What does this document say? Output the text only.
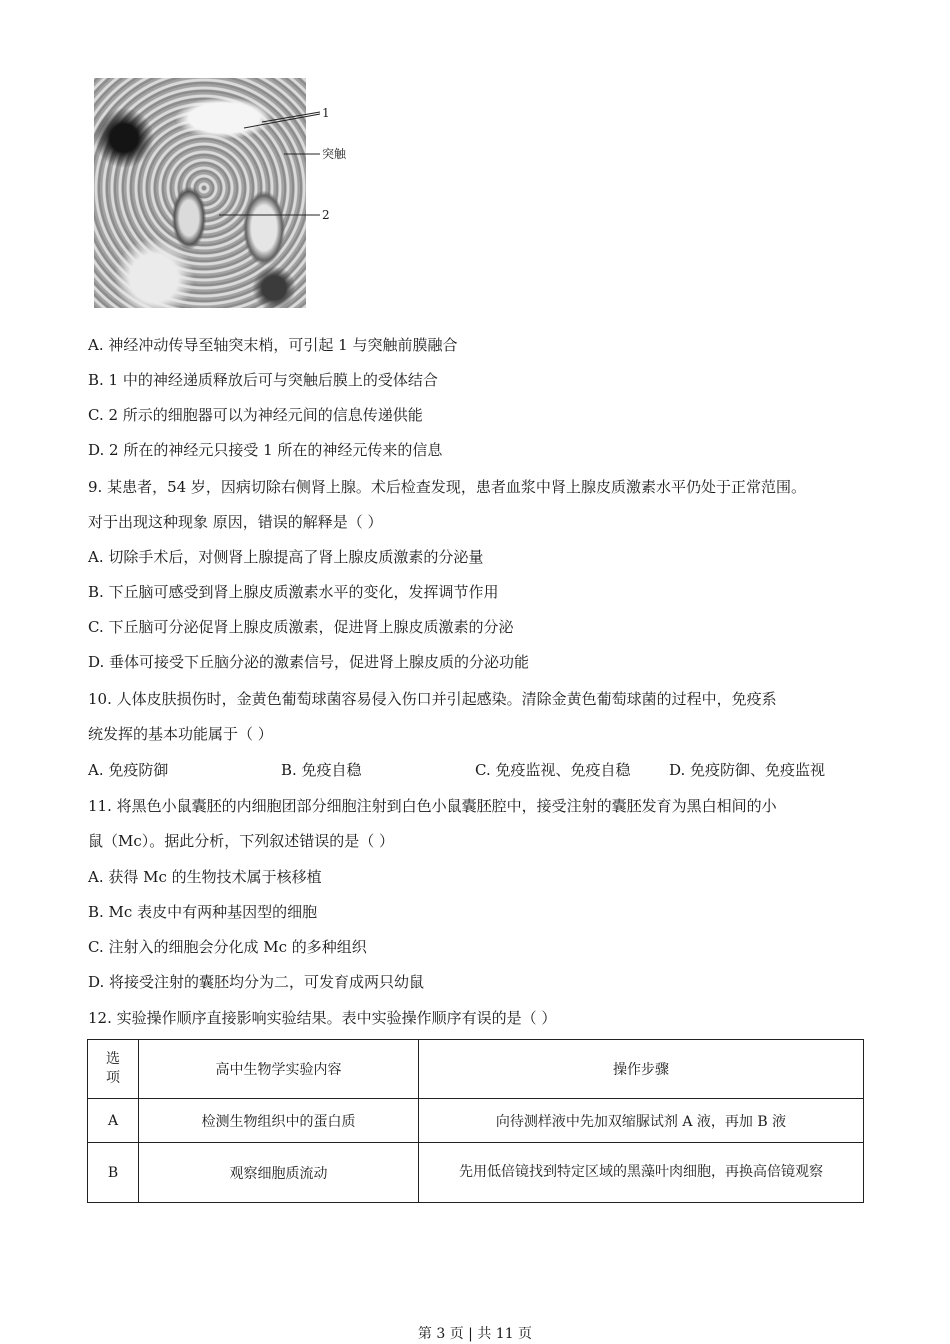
1
突触
2
A. 神经冲动传导至轴突末梢，可引起 1 与突触前膜融合
B. 1 中的神经递质释放后可与突触后膜上的受体结合
C. 2 所示的细胞器可以为神经元间的信息传递供能
D. 2 所在的神经元只接受 1 所在的神经元传来的信息
9. 某患者，54 岁，因病切除右侧肾上腺。术后检查发现，患者血浆中肾上腺皮质激素水平仍处于正常范围。
对于出现这种现象 原因，错误的解释是（ ）
A. 切除手术后，对侧肾上腺提高了肾上腺皮质激素的分泌量
B. 下丘脑可感受到肾上腺皮质激素水平的变化，发挥调节作用
C. 下丘脑可分泌促肾上腺皮质激素，促进肾上腺皮质激素的分泌
D. 垂体可接受下丘脑分泌的激素信号，促进肾上腺皮质的分泌功能
10. 人体皮肤损伤时，金黄色葡萄球菌容易侵入伤口并引起感染。清除金黄色葡萄球菌的过程中，免疫系
统发挥的基本功能属于（ ）
A. 免疫防御	B. 免疫自稳	C. 免疫监视、免疫自稳	D. 免疫防御、免疫监视
11. 将黑色小鼠囊胚的内细胞团部分细胞注射到白色小鼠囊胚腔中，接受注射的囊胚发育为黑白相间的小
鼠（Mc）。据此分析，下列叙述错误的是（ ）
A. 获得 Mc 的生物技术属于核移植
B. Mc 表皮中有两种基因型的细胞
C. 注射入的细胞会分化成 Mc 的多种组织
D. 将接受注射的囊胚均分为二，可发育成两只幼鼠
12. 实验操作顺序直接影响实验结果。表中实验操作顺序有误的是（ ）
选
项	高中生物学实验内容	操作步骤
A	检测生物组织中的蛋白质	向待测样液中先加双缩脲试剂 A 液，再加 B 液
B	观察细胞质流动	先用低倍镜找到特定区域的黑藻叶肉细胞，再换高倍镜观察
第 3 页 | 共 11 页
